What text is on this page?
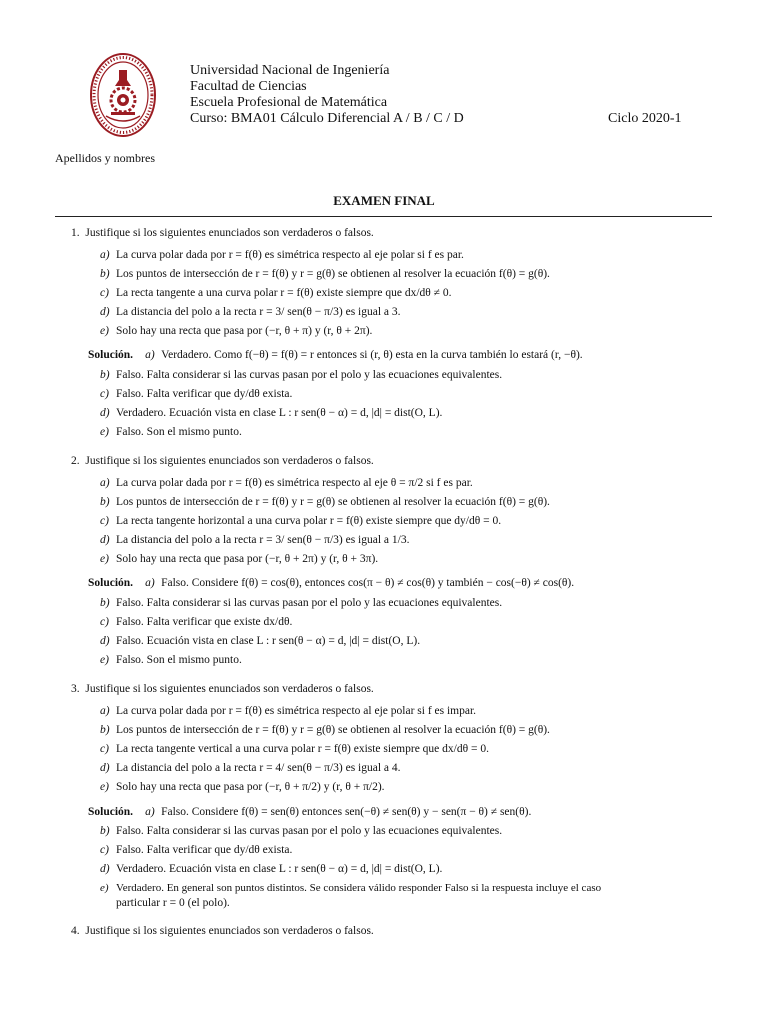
Universidad Nacional de Ingeniería
Facultad de Ciencias
Escuela Profesional de Matemática
Curso: BMA01 Cálculo Diferencial A / B / C / D	Ciclo 2020-1
Apellidos y nombres
EXAMEN FINAL
1. Justifique si los siguientes enunciados son verdaderos o falsos.
a) La curva polar dada por r = f(θ) es simétrica respecto al eje polar si f es par.
b) Los puntos de intersección de r = f(θ) y r = g(θ) se obtienen al resolver la ecuación f(θ) = g(θ).
c) La recta tangente a una curva polar r = f(θ) existe siempre que dx/dθ ≠ 0.
d) La distancia del polo a la recta r = 3/ sen(θ − π/3) es igual a 3.
e) Solo hay una recta que pasa por (−r, θ + π) y (r, θ + 2π).
Solución. a) Verdadero. Como f(−θ) = f(θ) = r entonces si (r, θ) esta en la curva también lo estará (r, −θ).
b) Falso. Falta considerar si las curvas pasan por el polo y las ecuaciones equivalentes.
c) Falso. Falta verificar que dy/dθ exista.
d) Verdadero. Ecuación vista en clase L : r sen(θ − α) = d, |d| = dist(O, L).
e) Falso. Son el mismo punto.
2. Justifique si los siguientes enunciados son verdaderos o falsos.
a) La curva polar dada por r = f(θ) es simétrica respecto al eje θ = π/2 si f es par.
b) Los puntos de intersección de r = f(θ) y r = g(θ) se obtienen al resolver la ecuación f(θ) = g(θ).
c) La recta tangente horizontal a una curva polar r = f(θ) existe siempre que dy/dθ = 0.
d) La distancia del polo a la recta r = 3/ sen(θ − π/3) es igual a 1/3.
e) Solo hay una recta que pasa por (−r, θ + 2π) y (r, θ + 3π).
Solución. a) Falso. Considere f(θ) = cos(θ), entonces cos(π − θ) ≠ cos(θ) y también − cos(−θ) ≠ cos(θ).
b) Falso. Falta considerar si las curvas pasan por el polo y las ecuaciones equivalentes.
c) Falso. Falta verificar que existe dx/dθ.
d) Falso. Ecuación vista en clase L : r sen(θ − α) = d, |d| = dist(O, L).
e) Falso. Son el mismo punto.
3. Justifique si los siguientes enunciados son verdaderos o falsos.
a) La curva polar dada por r = f(θ) es simétrica respecto al eje polar si f es impar.
b) Los puntos de intersección de r = f(θ) y r = g(θ) se obtienen al resolver la ecuación f(θ) = g(θ).
c) La recta tangente vertical a una curva polar r = f(θ) existe siempre que dx/dθ = 0.
d) La distancia del polo a la recta r = 4/ sen(θ − π/3) es igual a 4.
e) Solo hay una recta que pasa por (−r, θ + π/2) y (r, θ + π/2).
Solución. a) Falso. Considere f(θ) = sen(θ) entonces sen(−θ) ≠ sen(θ) y − sen(π − θ) ≠ sen(θ).
b) Falso. Falta considerar si las curvas pasan por el polo y las ecuaciones equivalentes.
c) Falso. Falta verificar que dy/dθ exista.
d) Verdadero. Ecuación vista en clase L : r sen(θ − α) = d, |d| = dist(O, L).
e) Verdadero. En general son puntos distintos. Se considera válido responder Falso si la respuesta incluye el caso
particular r = 0 (el polo).
4. Justifique si los siguientes enunciados son verdaderos o falsos.
